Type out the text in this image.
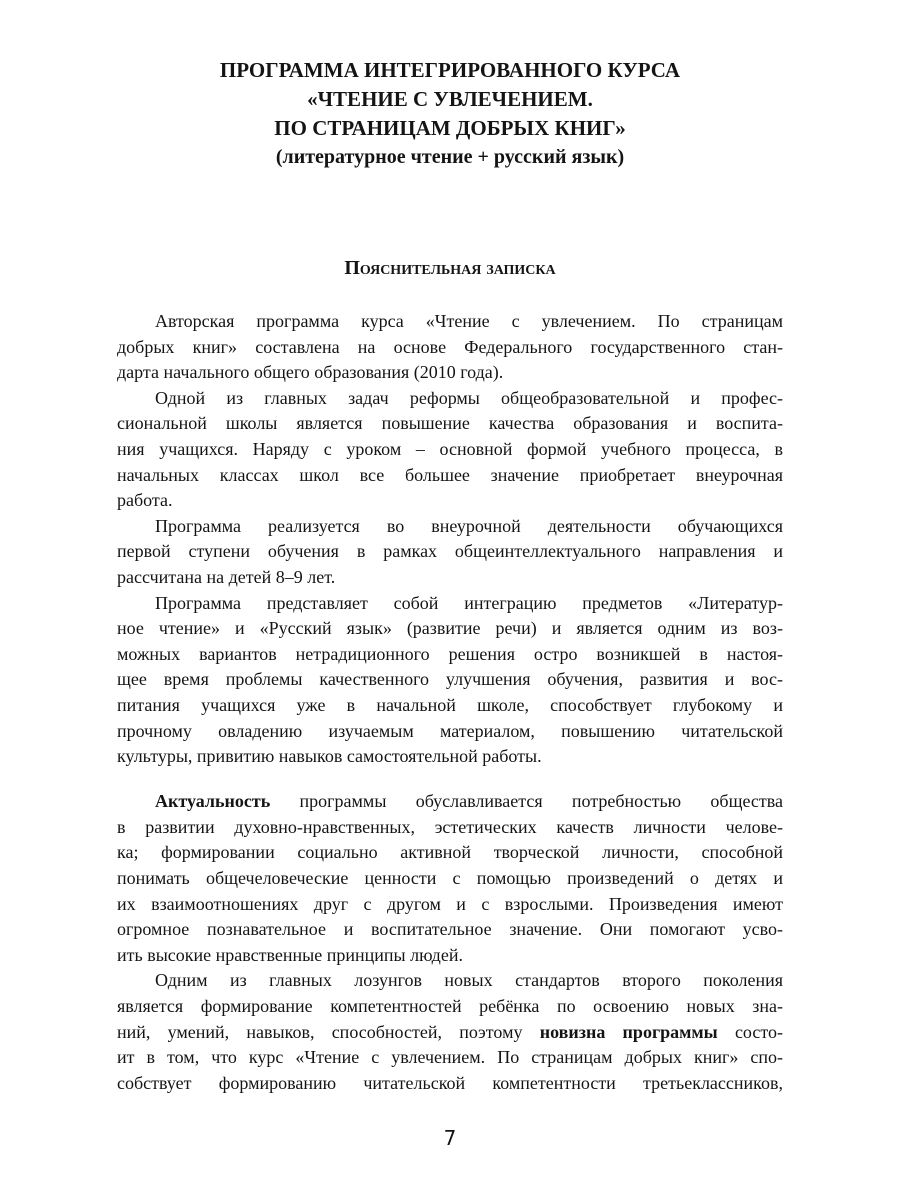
ПРОГРАММА ИНТЕГРИРОВАННОГО КУРСА
«ЧТЕНИЕ С УВЛЕЧЕНИЕМ.
ПО СТРАНИЦАМ ДОБРЫХ КНИГ»
(литературное чтение + русский язык)
Пояснительная записка
Авторская программа курса «Чтение с увлечением. По страницам
добрых книг» составлена на основе Федерального государственного стан-
дарта начального общего образования (2010 года).
Одной из главных задач реформы общеобразовательной и профес-
сиональной школы является повышение качества образования и воспита-
ния учащихся. Наряду с уроком – основной формой учебного процесса, в
начальных классах школ все большее значение приобретает внеурочная
работа.
Программа реализуется во внеурочной деятельности обучающихся
первой ступени обучения в рамках общеинтеллектуального направления и
рассчитана на детей 8–9 лет.
Программа представляет собой интеграцию предметов «Литератур-
ное чтение» и «Русский язык» (развитие речи) и является одним из воз-
можных вариантов нетрадиционного решения остро возникшей в настоя-
щее время проблемы качественного улучшения обучения, развития и вос-
питания учащихся уже в начальной школе, способствует глубокому и
прочному овладению изучаемым материалом, повышению читательской
культуры, привитию навыков самостоятельной работы.
Актуальность программы обуславливается потребностью общества
в развитии духовно-нравственных, эстетических качеств личности челове-
ка; формировании социально активной творческой личности, способной
понимать общечеловеческие ценности с помощью произведений о детях и
их взаимоотношениях друг с другом и с взрослыми. Произведения имеют
огромное познавательное и воспитательное значение. Они помогают усво-
ить высокие нравственные принципы людей.
Одним из главных лозунгов новых стандартов второго поколения
является формирование компетентностей ребёнка по освоению новых зна-
ний, умений, навыков, способностей, поэтому новизна программы состо-
ит в том, что курс «Чтение с увлечением. По страницам добрых книг» спо-
собствует формированию читательской компетентности третьеклассников,
7
